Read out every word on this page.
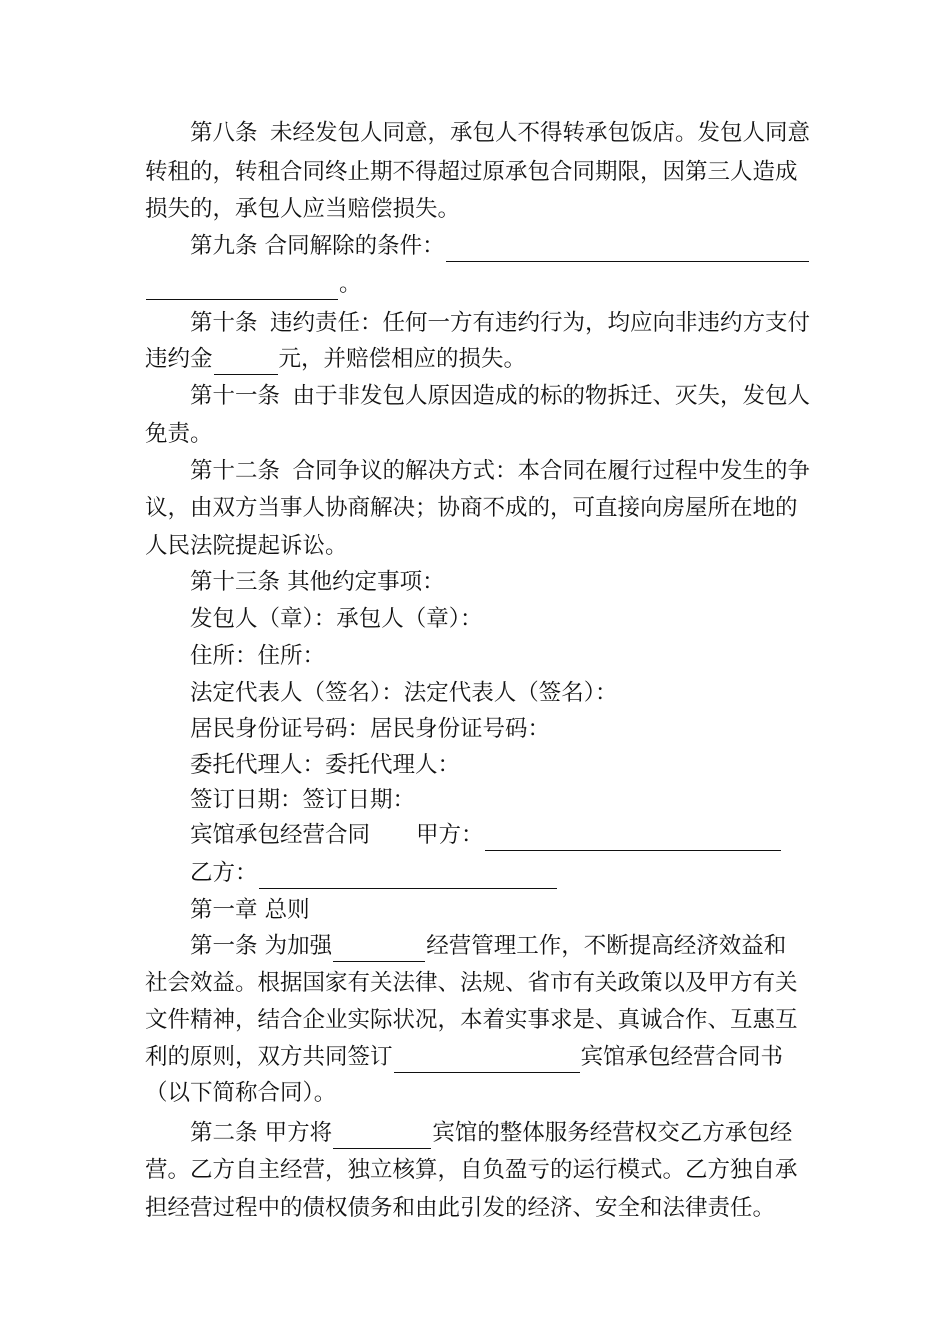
第八条 未经发包人同意，承包人不得转承包饭店。发包人同意
转租的，转租合同终止期不得超过原承包合同期限，因第三人造成
损失的，承包人应当赔偿损失。
第九条
合同解除的条件：
。
第十条 违约责任：任何一方有违约行为，均应向非违约方支付
违约金	元，并赔偿相应的损失。
第十一条 由于非发包人原因造成的标的物拆迁、灭失，发包人
免责。
第十二条 合同争议的解决方式：本合同在履行过程中发生的争
议，由双方当事人协商解决；协商不成的，可直接向房屋所在地的
人民法院提起诉讼。
第十三条
其他约定事项：
发包人（章）：承包人（章）：
住所：住所：
法定代表人（签名）：法定代表人（签名）：
居民身份证号码：居民身份证号码：
委托代理人：委托代理人：
签订日期：签订日期：
宾馆承包经营合同 甲方：
乙方：
第一章 总则
第一条
为加强	经营管理工作，不断提高经济效益和
社会效益。根据国家有关法律、法规、省市有关政策以及甲方有关
文件精神，结合企业实际状况，本着实事求是、真诚合作、互惠互
利的原则，双方共同签订	宾馆承包经营合同书
（以下简称合同）。
第二条
甲方将	宾馆的整体服务经营权交乙方承包经
营。乙方自主经营，独立核算，自负盈亏的运行模式。乙方独自承
担经营过程中的债权债务和由此引发的经济、安全和法律责任。
